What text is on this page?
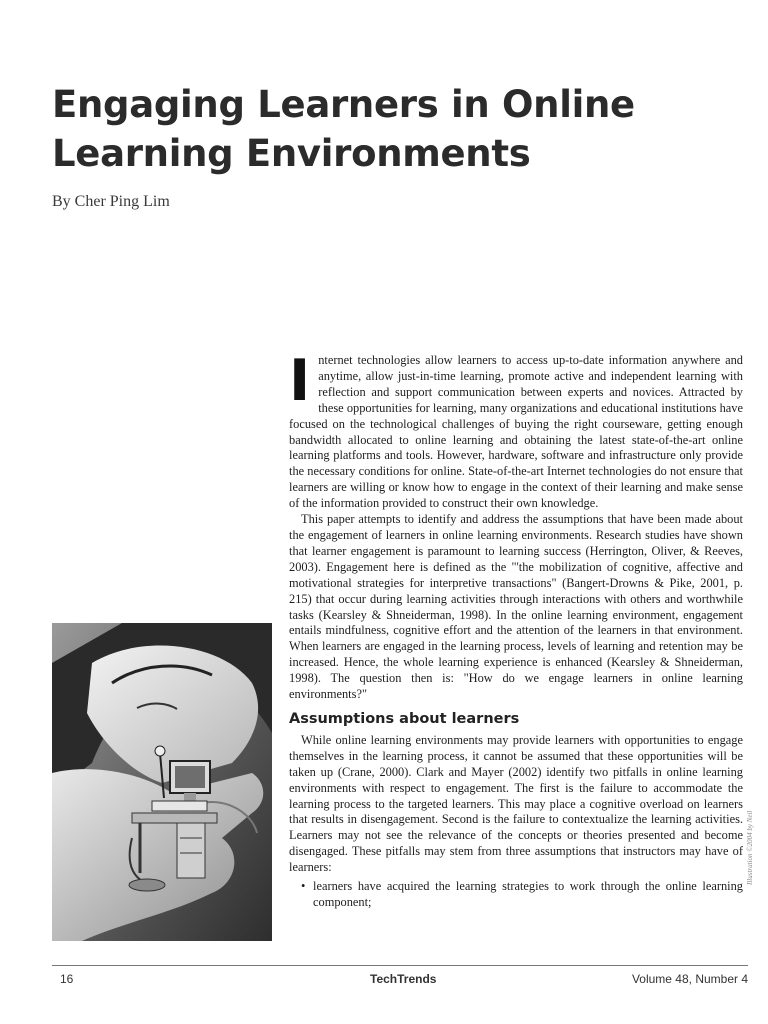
Engaging Learners in Online Learning Environments
By Cher Ping Lim

Internet technologies allow learners to access up-to-date information anywhere and anytime, allow just-in-time learning, promote active and independent learning with reflection and support communication between experts and novices. Attracted by these opportunities for learning, many organizations and educational institutions have focused on the technological challenges of buying the right courseware, getting enough bandwidth allocated to online learning and obtaining the latest state-of-the-art online learning platforms and tools. However, hardware, software and infrastructure only provide the necessary conditions for online. State-of-the-art Internet technologies do not ensure that learners are willing or know how to engage in the context of their learning and make sense of the information provided to construct their own knowledge.

This paper attempts to identify and address the assumptions that have been made about the engagement of learners in online learning environments. Research studies have shown that learner engagement is paramount to learning success (Herrington, Oliver, & Reeves, 2003). Engagement here is defined as the "'the mobilization of cognitive, affective and motivational strategies for interpretive transactions" (Bangert-Drowns & Pike, 2001, p. 215) that occur during learning activities through interactions with others and worthwhile tasks (Kearsley & Shneiderman, 1998). In the online learning environment, engagement entails mindfulness, cognitive effort and the attention of the learners in that environment. When learners are engaged in the learning process, levels of learning and retention may be increased. Hence, the whole learning experience is enhanced (Kearsley & Shneiderman, 1998). The question then is: "How do we engage learners in online learning environments?"

Assumptions about learners

While online learning environments may provide learners with opportunities to engage themselves in the learning process, it cannot be assumed that these opportunities will be taken up (Crane, 2000). Clark and Mayer (2002) identify two pitfalls in online learning environments with respect to engagement. The first is the failure to accommodate the learning process to the targeted learners. This may place a cognitive overload on learners that results in disengagement. Second is the failure to contextualize the learning activities. Learners may not see the relevance of the concepts or theories presented and become disengaged. These pitfalls may stem from three assumptions that instructors may have of learners:

• learners have acquired the learning strategies to work through the online learning component;
Illustration ©2004 by Neil
16	TechTrends	Volume 48, Number 4
